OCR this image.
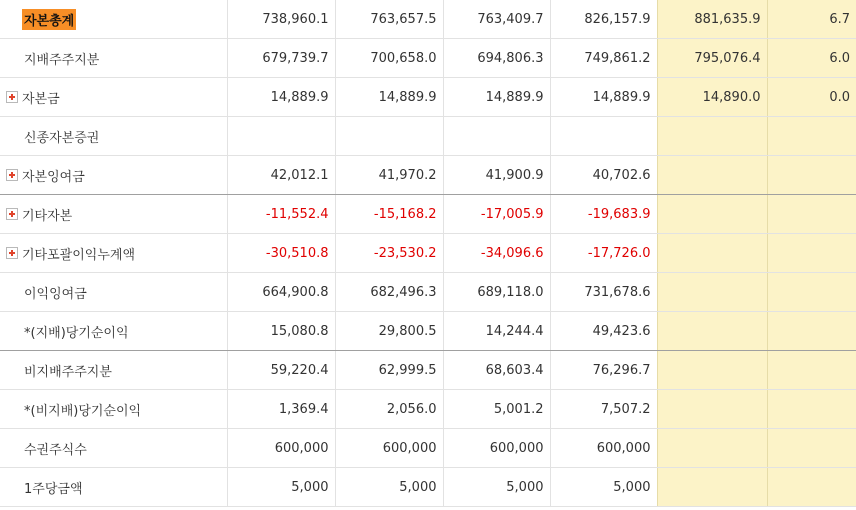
자본총계	738,960.1	763,657.5	763,409.7	826,157.9	881,635.9	6.7
지배주주지분	679,739.7	700,658.0	694,806.3	749,861.2	795,076.4	6.0
자본금	14,889.9	14,889.9	14,889.9	14,889.9	14,890.0	0.0
신종자본증권						
자본잉여금	42,012.1	41,970.2	41,900.9	40,702.6		
기타자본	-11,552.4	-15,168.2	-17,005.9	-19,683.9		
기타포괄이익누계액	-30,510.8	-23,530.2	-34,096.6	-17,726.0		
이익잉여금	664,900.8	682,496.3	689,118.0	731,678.6		
*(지배)당기순이익	15,080.8	29,800.5	14,244.4	49,423.6		
비지배주주지분	59,220.4	62,999.5	68,603.4	76,296.7		
*(비지배)당기순이익	1,369.4	2,056.0	5,001.2	7,507.2		
수권주식수	600,000	600,000	600,000	600,000		
1주당금액	5,000	5,000	5,000	5,000		
